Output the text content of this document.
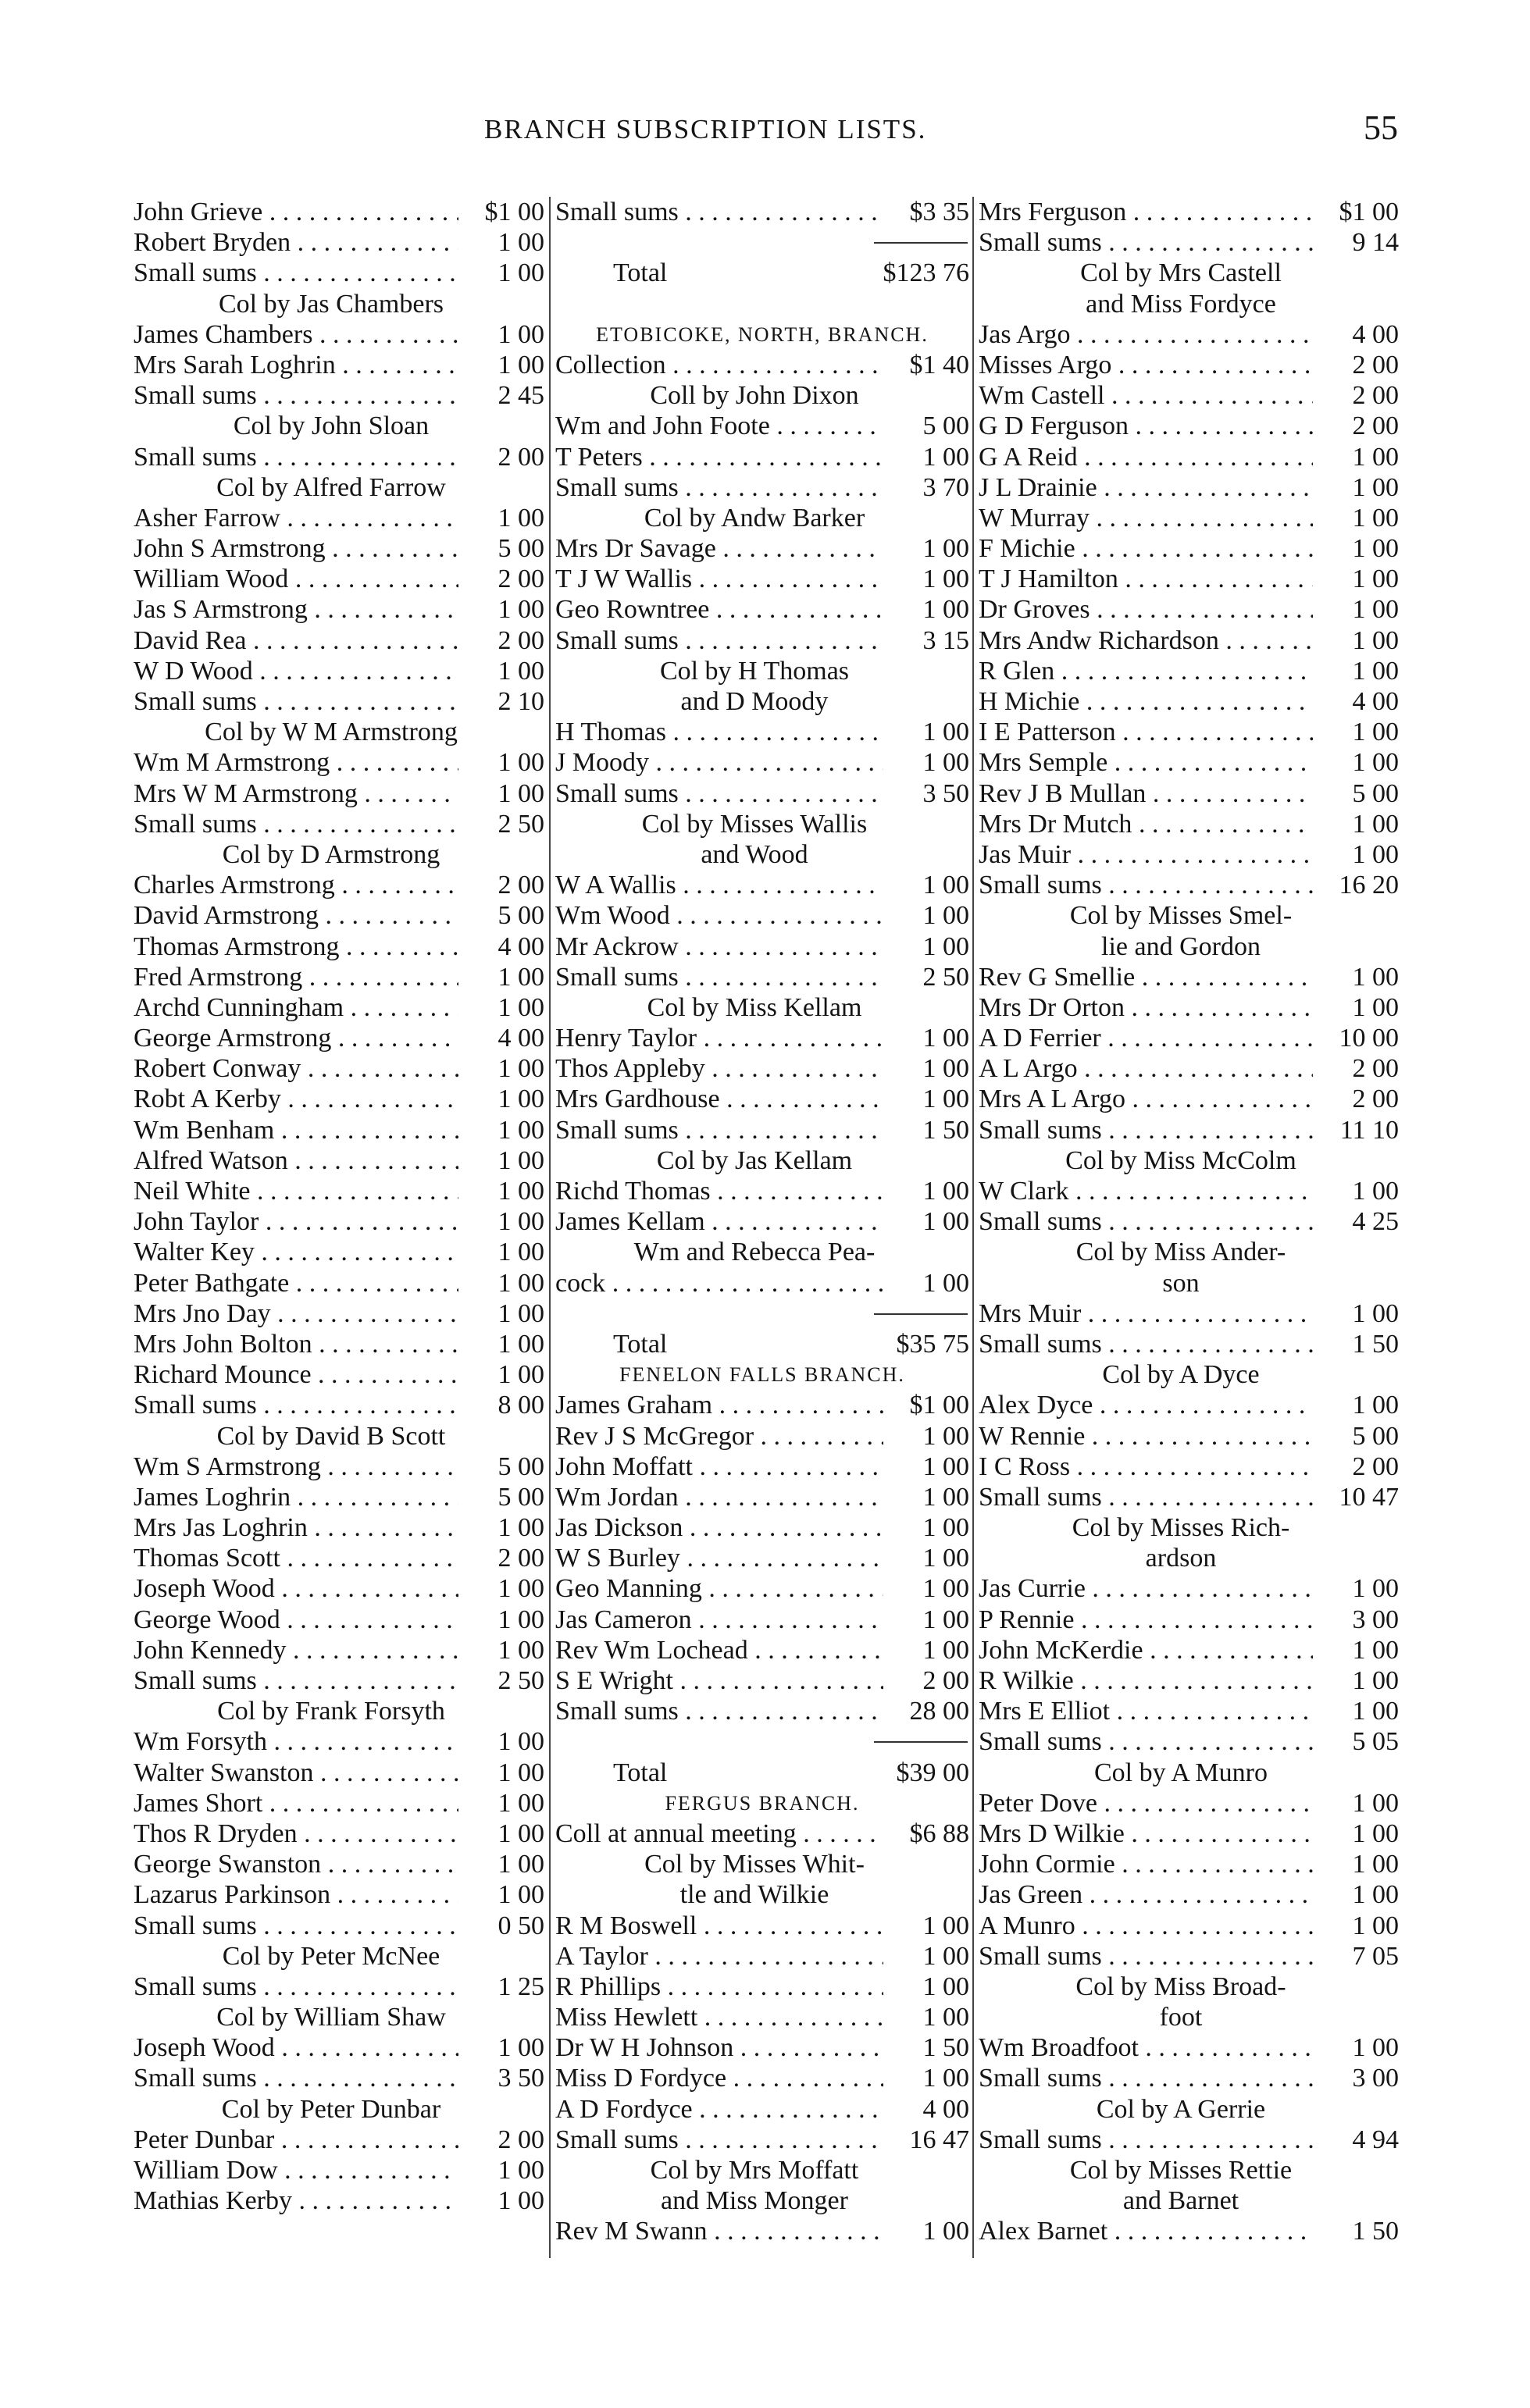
BRANCH SUBSCRIPTION LISTS.	55
John Grieve . . .	$1 00
Robert Bryden . . .	1 00
Small sums . . .	1 00
Col by Jas Chambers
James Chambers . . .	1 00
Mrs Sarah Loghrin . . .	1 00
Small sums . . .	2 45
Col by John Sloan
Small sums . . .	2 00
Col by Alfred Farrow
Asher Farrow . . .	1 00
John S Armstrong . . .	5 00
William Wood . . .	2 00
Jas S Armstrong . . .	1 00
David Rea . . .	2 00
W D Wood . . .	1 00
Small sums . . .	2 10
Col by W M Armstrong
Wm M Armstrong . . .	1 00
Mrs W M Armstrong . . .	1 00
Small sums . . .	2 50
Col by D Armstrong
Charles Armstrong . . .	2 00
David Armstrong . . .	5 00
Thomas Armstrong . . .	4 00
Fred Armstrong . . .	1 00
Archd Cunningham . . .	1 00
George Armstrong . . .	4 00
Robert Conway . . .	1 00
Robt A Kerby . . .	1 00
Wm Benham . . .	1 00
Alfred Watson . . .	1 00
Neil White . . .	1 00
John Taylor . . .	1 00
Walter Key . . .	1 00
Peter Bathgate . . .	1 00
Mrs Jno Day . . .	1 00
Mrs John Bolton . . .	1 00
Richard Mounce . . .	1 00
Small sums . . .	8 00
Col by David B Scott
Wm S Armstrong . . .	5 00
James Loghrin . . .	5 00
Mrs Jas Loghrin . . .	1 00
Thomas Scott . . .	2 00
Joseph Wood . . .	1 00
George Wood . . .	1 00
John Kennedy . . .	1 00
Small sums . . .	2 50
Col by Frank Forsyth
Wm Forsyth . . .	1 00
Walter Swanston . . .	1 00
James Short . . .	1 00
Thos R Dryden . . .	1 00
George Swanston . . .	1 00
Lazarus Parkinson . . .	1 00
Small sums . . .	0 50
Col by Peter McNee
Small sums . . .	1 25
Col by William Shaw
Joseph Wood . . .	1 00
Small sums . . .	3 50
Col by Peter Dunbar
Peter Dunbar . . .	2 00
William Dow . . .	1 00
Mathias Kerby . . .	1 00
Small sums . . .	$3 35
Total	$123 76
ETOBICOKE, NORTH, BRANCH.
Collection . . .	$1 40
Coll by John Dixon
Wm and John Foote . . .	5 00
T Peters . . .	1 00
Small sums . . .	3 70
Col by Andw Barker
Mrs Dr Savage . . .	1 00
T J W Wallis . . .	1 00
Geo Rowntree . . .	1 00
Small sums . . .	3 15
Col by H Thomas
and D Moody
H Thomas . . .	1 00
J Moody . . .	1 00
Small sums . . .	3 50
Col by Misses Wallis
and Wood
W A Wallis . . .	1 00
Wm Wood . . .	1 00
Mr Ackrow . . .	1 00
Small sums . . .	2 50
Col by Miss Kellam
Henry Taylor . . .	1 00
Thos Appleby . . .	1 00
Mrs Gardhouse . . .	1 00
Small sums . . .	1 50
Col by Jas Kellam
Richd Thomas . . .	1 00
James Kellam . . .	1 00
Wm and Rebecca Pea-
cock . . .	1 00
Total	$35 75
FENELON FALLS BRANCH.
James Graham . . .	$1 00
Rev J S McGregor . . .	1 00
John Moffatt . . .	1 00
Wm Jordan . . .	1 00
Jas Dickson . . .	1 00
W S Burley . . .	1 00
Geo Manning . . .	1 00
Jas Cameron . . .	1 00
Rev Wm Lochead . . .	1 00
S E Wright . . .	2 00
Small sums . . .	28 00
Total	$39 00
FERGUS BRANCH.
Coll at annual meeting . . .	$6 88
Col by Misses Whit-
tle and Wilkie
R M Boswell . . .	1 00
A Taylor . . .	1 00
R Phillips . . .	1 00
Miss Hewlett . . .	1 00
Dr W H Johnson . . .	1 50
Miss D Fordyce . . .	1 00
A D Fordyce . . .	4 00
Small sums . . .	16 47
Col by Mrs Moffatt
and Miss Monger
Rev M Swann . . .	1 00
Mrs Ferguson . . .	$1 00
Small sums . . .	9 14
Col by Mrs Castell
and Miss Fordyce
Jas Argo . . .	4 00
Misses Argo . . .	2 00
Wm Castell . . .	2 00
G D Ferguson . . .	2 00
G A Reid . . .	1 00
J L Drainie . . .	1 00
W Murray . . .	1 00
F Michie . . .	1 00
T J Hamilton . . .	1 00
Dr Groves . . .	1 00
Mrs Andw Richardson . . .	1 00
R Glen . . .	1 00
H Michie . . .	4 00
I E Patterson . . .	1 00
Mrs Semple . . .	1 00
Rev J B Mullan . . .	5 00
Mrs Dr Mutch . . .	1 00
Jas Muir . . .	1 00
Small sums . . .	16 20
Col by Misses Smel-
lie and Gordon
Rev G Smellie . . .	1 00
Mrs Dr Orton . . .	1 00
A D Ferrier . . .	10 00
A L Argo . . .	2 00
Mrs A L Argo . . .	2 00
Small sums . . .	11 10
Col by Miss McColm
W Clark . . .	1 00
Small sums . . .	4 25
Col by Miss Ander-
son
Mrs Muir . . .	1 00
Small sums . . .	1 50
Col by A Dyce
Alex Dyce . . .	1 00
W Rennie . . .	5 00
I C Ross . . .	2 00
Small sums . . .	10 47
Col by Misses Rich-
ardson
Jas Currie . . .	1 00
P Rennie . . .	3 00
John McKerdie . . .	1 00
R Wilkie . . .	1 00
Mrs E Elliot . . .	1 00
Small sums . . .	5 05
Col by A Munro
Peter Dove . . .	1 00
Mrs D Wilkie . . .	1 00
John Cormie . . .	1 00
Jas Green . . .	1 00
A Munro . . .	1 00
Small sums . . .	7 05
Col by Miss Broad-
foot
Wm Broadfoot . . .	1 00
Small sums . . .	3 00
Col by A Gerrie
Small sums . . .	4 94
Col by Misses Rettie
and Barnet
Alex Barnet . . .	1 50
